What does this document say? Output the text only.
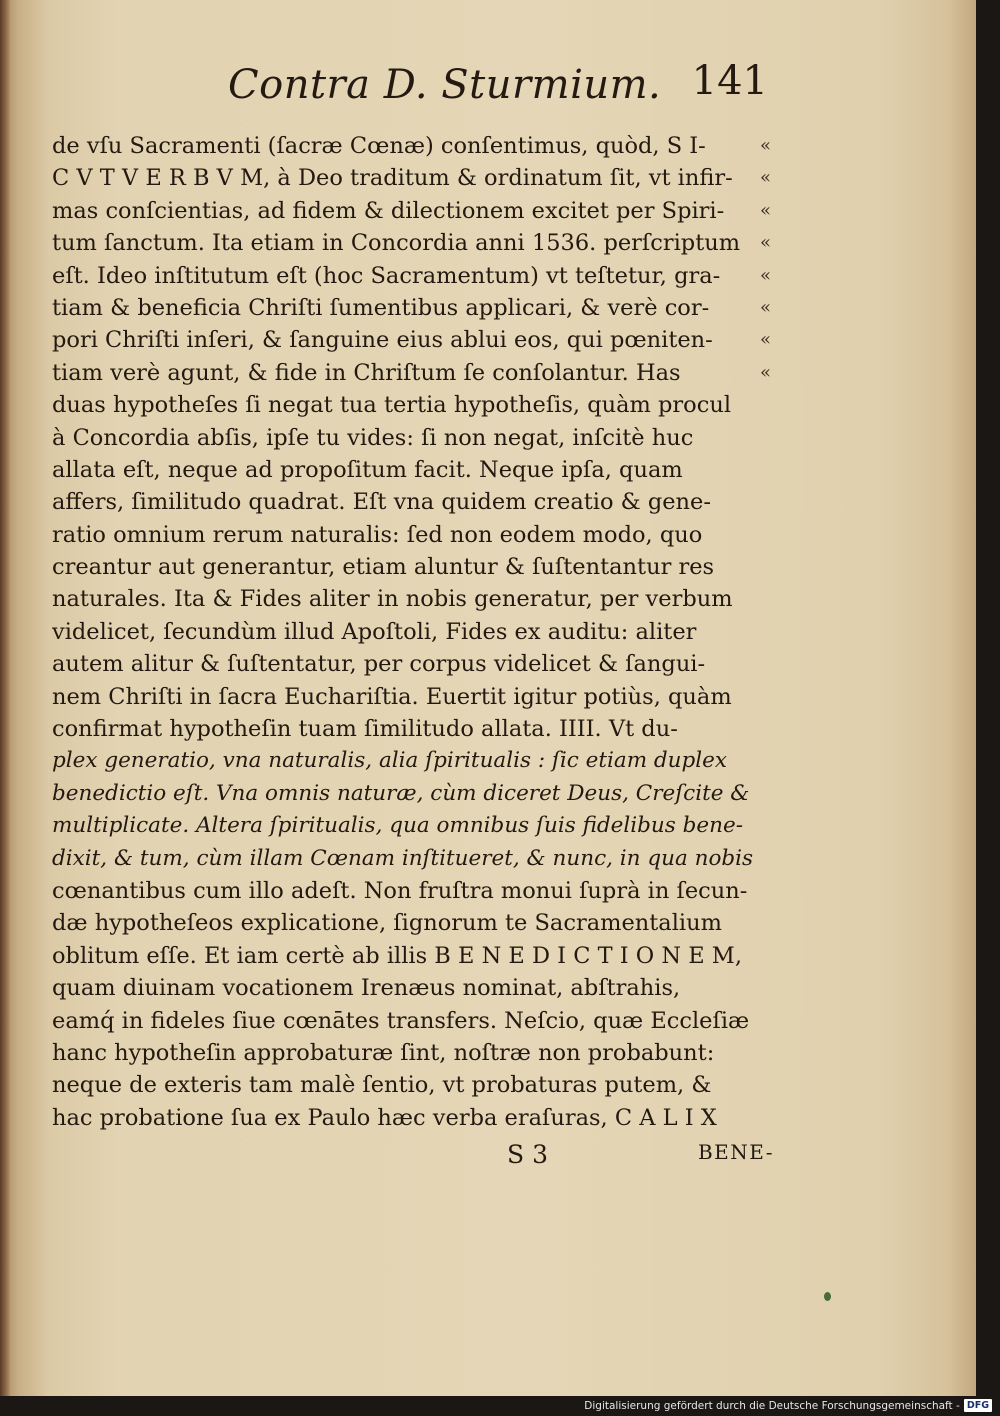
Contra D. Sturmium. 141
de vſu Sacramenti (ſacræ Cœnæ) conſentimus, quòd, S I-
C V T V E R B V M, à Deo traditum & ordinatum ſit, vt infir-
mas conſcientias, ad fidem & dilectionem excitet per Spiri-
tum ſanctum. Ita etiam in Concordia anni 1536. perſcriptum
eſt. Ideo inſtitutum eſt (hoc Sacramentum) vt teſtetur, gra-
tiam & beneficia Chriſti ſumentibus applicari, & verè cor-
pori Chriſti inſeri, & ſanguine eius ablui eos, qui pœniten-
tiam verè agunt, & fide in Chriſtum ſe conſolantur. Has
duas hypotheſes ſi negat tua tertia hypotheſis, quàm procul
à Concordia abſis, ipſe tu vides: ſi non negat, inſcitè huc
allata eſt, neque ad propoſitum facit. Neque ipſa, quam
affers, ſimilitudo quadrat. Eſt vna quidem creatio & gene-
ratio omnium rerum naturalis: ſed non eodem modo, quo
creantur aut generantur, etiam aluntur & ſuſtentantur res
naturales. Ita & Fides aliter in nobis generatur, per verbum
videlicet, ſecundùm illud Apoſtoli, Fides ex auditu: aliter
autem alitur & ſuſtentatur, per corpus videlicet & ſangui-
nem Chriſti in ſacra Euchariſtia. Euertit igitur potiùs, quàm
confirmat hypotheſin tuam ſimilitudo allata. IIII. Vt du-
plex generatio, vna naturalis, alia ſpiritualis : ſic etiam duplex
benedictio eſt. Vna omnis naturæ, cùm diceret Deus, Creſcite &
multiplicate. Altera ſpiritualis, qua omnibus ſuis fidelibus bene-
dixit, & tum, cùm illam Cœnam inſtitueret, & nunc, in qua nobis
cœnantibus cum illo adeſt. Non fruſtra monui ſuprà in ſecun-
dæ hypotheſeos explicatione, ſignorum te Sacramentalium
oblitum eſſe. Et iam certè ab illis B E N E D I C T I O N E M,
quam diuinam vocationem Irenæus nominat, abſtrahis,
eamq́ in fideles ſiue cœnātes transfers. Neſcio, quæ Eccleſiæ
hanc hypotheſin approbaturæ ſint, noſtræ non probabunt:
neque de exteris tam malè ſentio, vt probaturas putem, &
hac probatione ſua ex Paulo hæc verba eraſuras, C A L I X
«
«
«
«
«
«
«
«
S 3	BENE-
Digitalisierung gefördert durch die Deutsche Forschungsgemeinschaft - DFG
